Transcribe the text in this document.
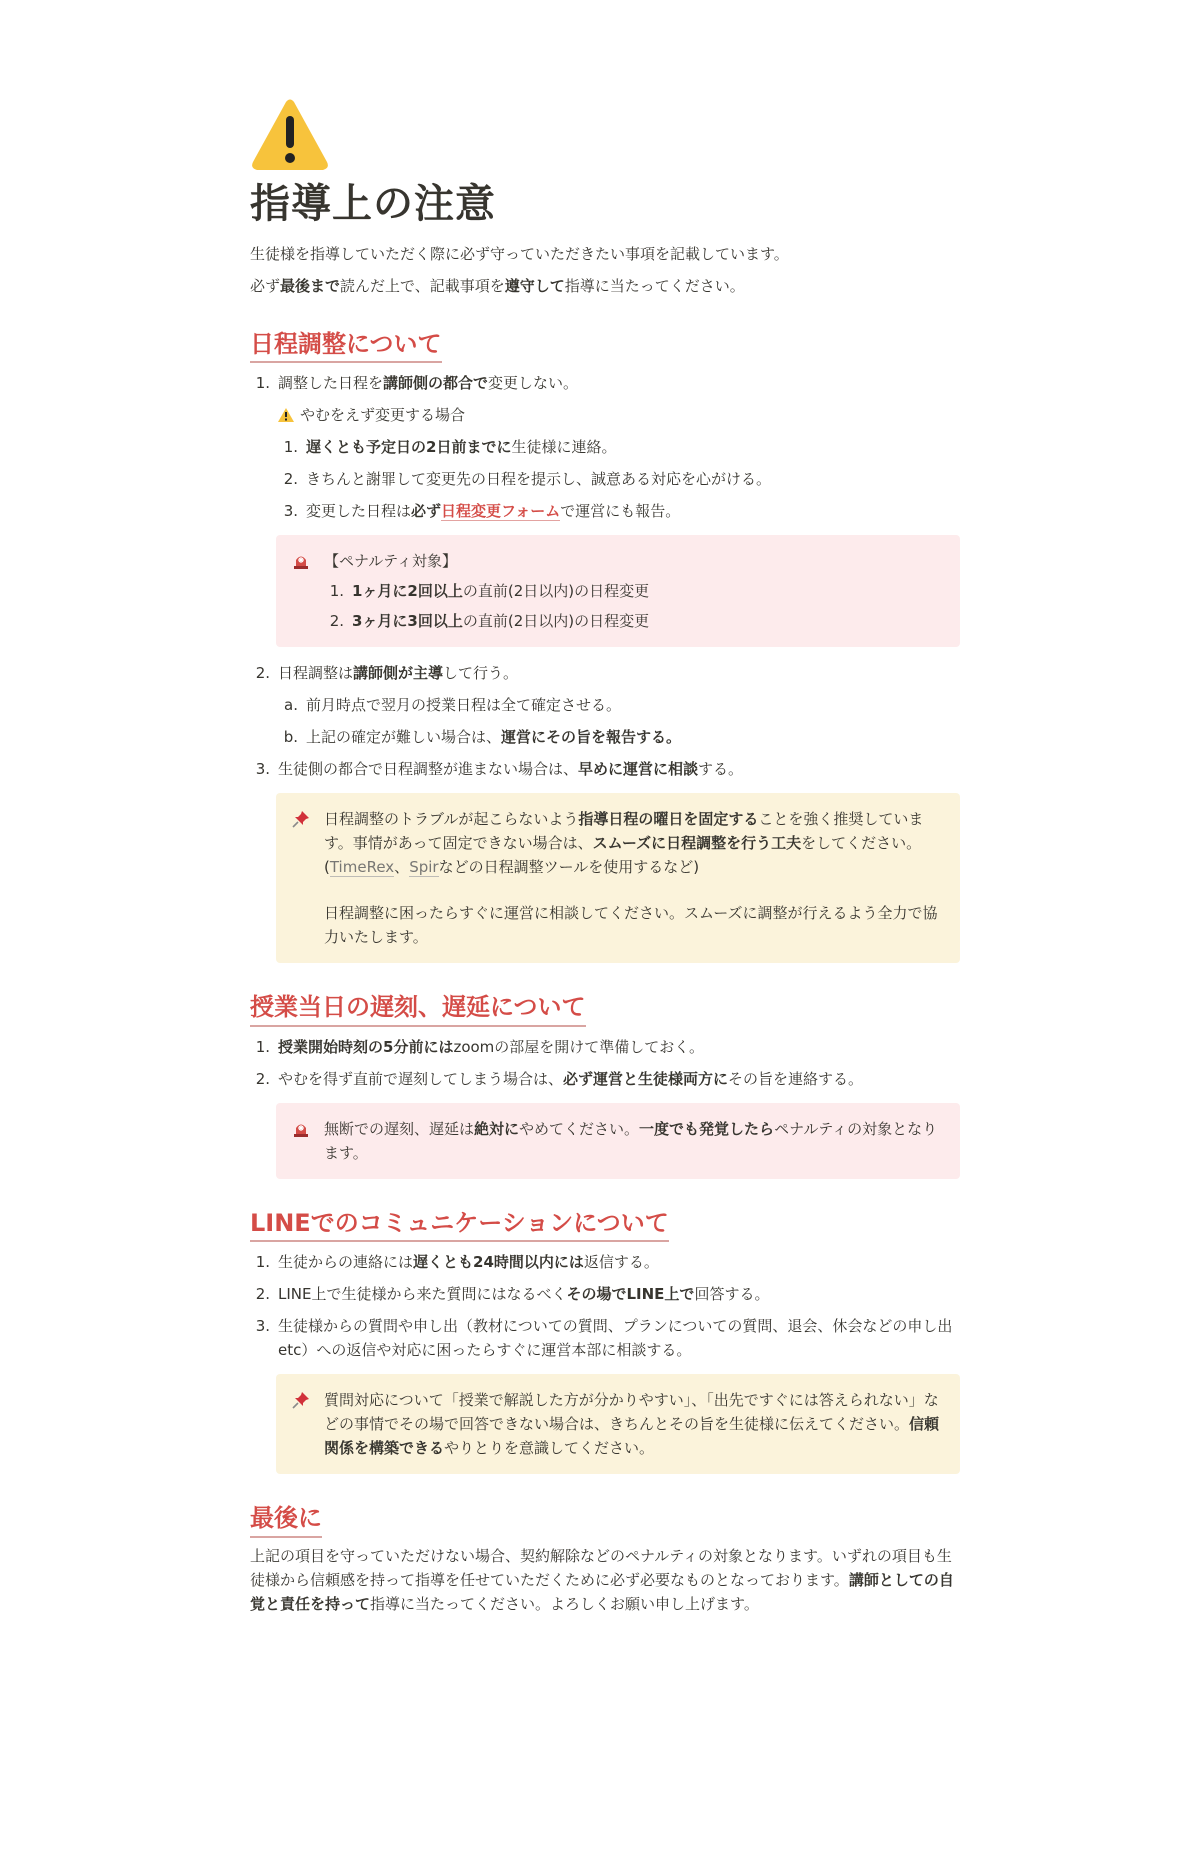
指導上の注意

生徒様を指導していただく際に必ず守っていただきたい事項を記載しています。

必ず最後まで読んだ上で、記載事項を遵守して指導に当たってください。

日程調整について
1. 調整した日程を講師側の都合で変更しない。
やむをえず変更する場合
1. 遅くとも予定日の2日前までに生徒様に連絡。
2. きちんと謝罪して変更先の日程を提示し、誠意ある対応を心がける。
3. 変更した日程は必ず日程変更フォームで運営にも報告。

【ペナルティ対象】

1. 1ヶ月に2回以上の直前(2日以内)の日程変更
2. 3ヶ月に3回以上の直前(2日以内)の日程変更
2. 日程調整は講師側が主導して行う。
a. 前月時点で翌月の授業日程は全て確定させる。
b. 上記の確定が難しい場合は、運営にその旨を報告する。
3. 生徒側の都合で日程調整が進まない場合は、早めに運営に相談する。

日程調整のトラブルが起こらないよう指導日程の曜日を固定することを強く推奨しています。事情があって固定できない場合は、スムーズに日程調整を行う工夫をしてください。(TimeRex、Spirなどの日程調整ツールを使用するなど)

日程調整に困ったらすぐに運営に相談してください。スムーズに調整が行えるよう全力で協力いたします。

授業当日の遅刻、遅延について
1. 授業開始時刻の5分前にはzoomの部屋を開けて準備しておく。
2. やむを得ず直前で遅刻してしまう場合は、必ず運営と生徒様両方にその旨を連絡する。

無断での遅刻、遅延は絶対にやめてください。一度でも発覚したらペナルティの対象となります。

LINEでのコミュニケーションについて
1. 生徒からの連絡には遅くとも24時間以内には返信する。
2. LINE上で生徒様から来た質問にはなるべくその場でLINE上で回答する。
3. 生徒様からの質問や申し出（教材についての質問、プランについての質問、退会、休会などの申し出 etc）への返信や対応に困ったらすぐに運営本部に相談する。

質問対応について「授業で解説した方が分かりやすい」、「出先ですぐには答えられない」などの事情でその場で回答できない場合は、きちんとその旨を生徒様に伝えてください。信頼関係を構築できるやりとりを意識してください。

最後に

上記の項目を守っていただけない場合、契約解除などのペナルティの対象となります。いずれの項目も生徒様から信頼感を持って指導を任せていただくために必ず必要なものとなっております。講師としての自覚と責任を持って指導に当たってください。よろしくお願い申し上げます。
